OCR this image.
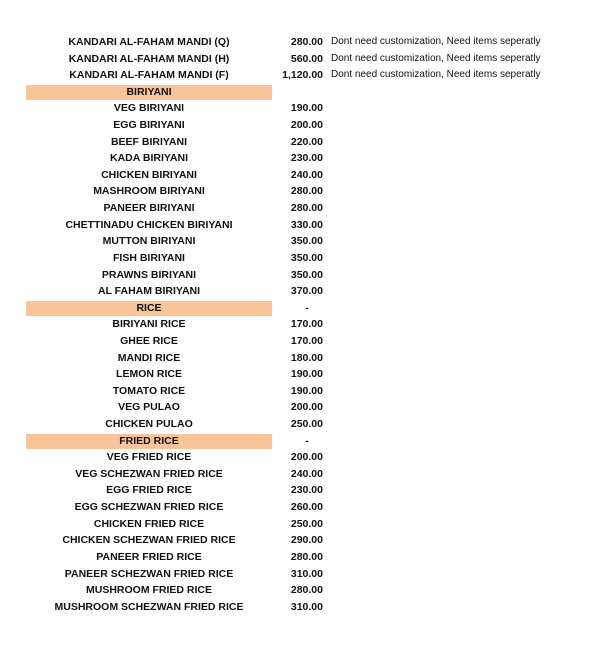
KANDARI AL-FAHAM MANDI (Q)	280.00 Dont need customization, Need items seperatly
KANDARI AL-FAHAM MANDI (H)	560.00 Dont need customization, Need items seperatly
KANDARI AL-FAHAM MANDI (F)	1,120.00 Dont need customization, Need items seperatly
BIRIYANI
VEG BIRIYANI	190.00
EGG BIRIYANI	200.00
BEEF BIRIYANI	220.00
KADA BIRIYANI	230.00
CHICKEN BIRIYANI	240.00
MASHROOM BIRIYANI	280.00
PANEER BIRIYANI	280.00
CHETTINADU CHICKEN BIRIYANI	330.00
MUTTON BIRIYANI	350.00
FISH BIRIYANI	350.00
PRAWNS BIRIYANI	350.00
AL FAHAM BIRIYANI	370.00
RICE	-
BIRIYANI RICE	170.00
GHEE RICE	170.00
MANDI RICE	180.00
LEMON RICE	190.00
TOMATO RICE	190.00
VEG PULAO	200.00
CHICKEN PULAO	250.00
FRIED RICE	-
VEG FRIED RICE	200.00
VEG SCHEZWAN FRIED RICE	240.00
EGG FRIED RICE	230.00
EGG SCHEZWAN FRIED RICE	260.00
CHICKEN FRIED RICE	250.00
CHICKEN SCHEZWAN FRIED RICE	290.00
PANEER FRIED RICE	280.00
PANEER SCHEZWAN FRIED RICE	310.00
MUSHROOM FRIED RICE	280.00
MUSHROOM SCHEZWAN FRIED RICE	310.00
